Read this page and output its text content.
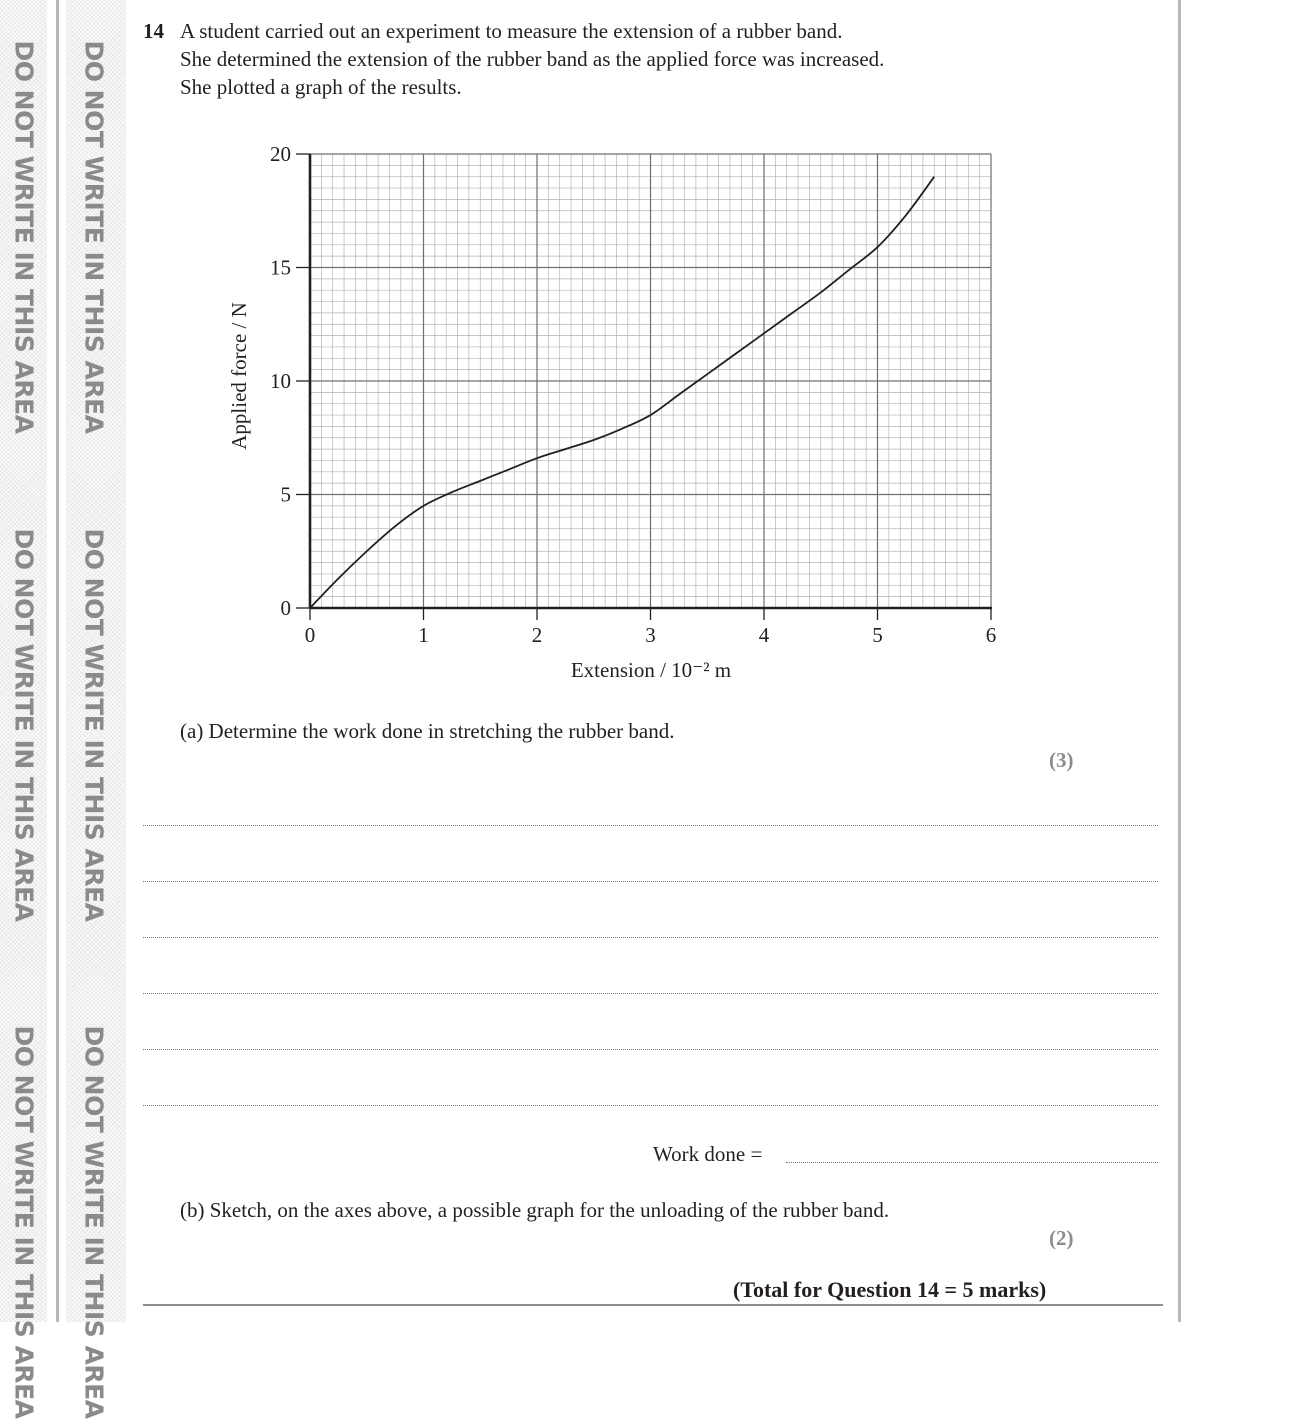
DO NOT WRITE IN THIS AREA
DO NOT WRITE IN THIS AREA
DO NOT WRITE IN THIS AREA
DO NOT WRITE IN THIS AREA
DO NOT WRITE IN THIS AREA
DO NOT WRITE IN THIS AREA
14 A student carried out an experiment to measure the extension of a rubber band.
She determined the extension of the rubber band as the applied force was increased.
She plotted a graph of the results.
0
5
10
15
20
0	1	2	3	4	5	6
Extension / 10⁻² m
Applied force / N
(a) Determine the work done in stretching the rubber band.
(3)
Work done =
(b) Sketch, on the axes above, a possible graph for the unloading of the rubber band.
(2)
(Total for Question 14 = 5 marks)
